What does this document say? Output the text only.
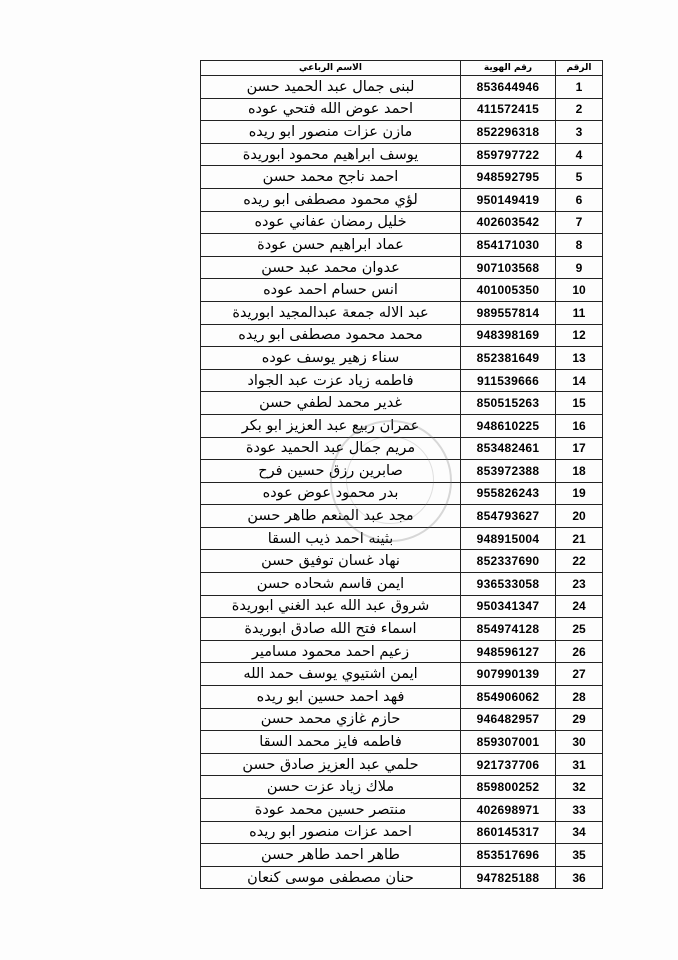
الاسم الرباعي	رقم الهوية	الرقم
لبنى جمال عبد الحميد حسن	853644946	1
احمد عوض الله فتحي عوده	411572415	2
مازن عزات منصور ابو ريده	852296318	3
يوسف ابراهيم محمود ابوريدة	859797722	4
احمد ناجح محمد حسن	948592795	5
لؤي محمود مصطفى ابو ريده	950149419	6
خليل رمضان عفاني عوده	402603542	7
عماد ابراهيم حسن عودة	854171030	8
عدوان محمد عبد حسن	907103568	9
انس حسام احمد عوده	401005350	10
عبد الاله جمعة عبدالمجيد ابوريدة	989557814	11
محمد محمود مصطفى ابو ريده	948398169	12
سناء زهير يوسف عوده	852381649	13
فاطمه زياد عزت عبد الجواد	911539666	14
غدير محمد لطفي حسن	850515263	15
عمران ربيع عبد العزيز ابو بكر	948610225	16
مريم جمال عبد الحميد عودة	853482461	17
صابرين رزق حسين فرح	853972388	18
بدر محمود عوض عوده	955826243	19
مجد عبد المنعم طاهر حسن	854793627	20
بثينه احمد ذيب السقا	948915004	21
نهاد غسان توفيق حسن	852337690	22
ايمن قاسم شحاده حسن	936533058	23
شروق عبد الله عبد الغني ابوريدة	950341347	24
اسماء فتح الله صادق ابوريدة	854974128	25
زعيم احمد محمود مسامير	948596127	26
ايمن اشتيوي يوسف حمد الله	907990139	27
فهد احمد حسين ابو ريده	854906062	28
حازم غازي محمد حسن	946482957	29
فاطمه فايز محمد السقا	859307001	30
حلمي عبد العزيز صادق حسن	921737706	31
ملاك زياد عزت حسن	859800252	32
منتصر حسين محمد عودة	402698971	33
احمد عزات منصور ابو ريده	860145317	34
طاهر احمد طاهر حسن	853517696	35
حنان مصطفى موسى كنعان	947825188	36
